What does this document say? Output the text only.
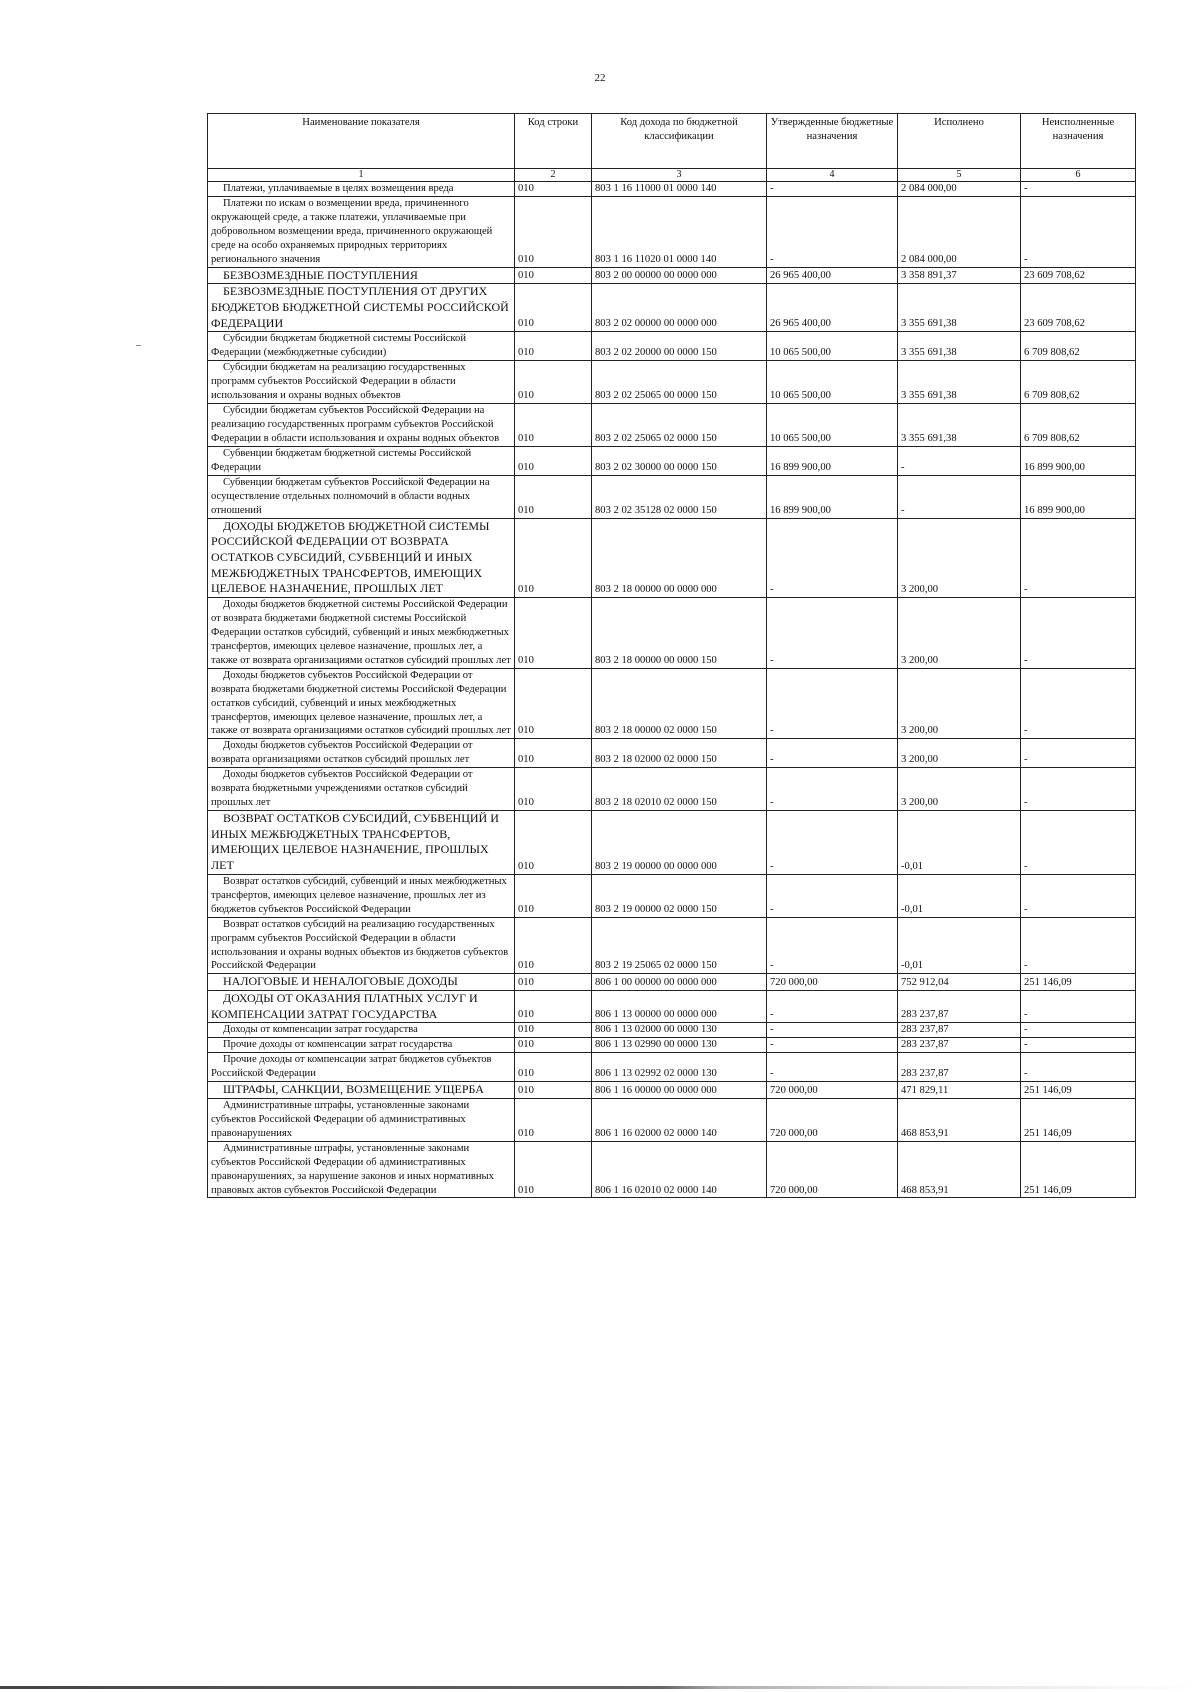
22
Наименование показателя	Код строки	Код дохода по бюджетной классификации	Утвержденные бюджетные назначения	Исполнено	Неисполненные назначения
1	2	3	4	5	6

Платежи, уплачиваемые в целях возмещения вреда	010	803 1 16 11000 01 0000 140	-	2 084 000,00	-

Платежи по искам о возмещении вреда, причиненного окружающей среде, а также платежи, уплачиваемые при добровольном возмещении вреда, причиненного окружающей среде на особо охраняемых природных территориях регионального значения	010	803 1 16 11020 01 0000 140	-	2 084 000,00	-

БЕЗВОЗМЕЗДНЫЕ ПОСТУПЛЕНИЯ	010	803 2 00 00000 00 0000 000	26 965 400,00	3 358 891,37	23 609 708,62

БЕЗВОЗМЕЗДНЫЕ ПОСТУПЛЕНИЯ ОТ ДРУГИХ БЮДЖЕТОВ БЮДЖЕТНОЙ СИСТЕМЫ РОССИЙСКОЙ ФЕДЕРАЦИИ	010	803 2 02 00000 00 0000 000	26 965 400,00	3 355 691,38	23 609 708,62

Субсидии бюджетам бюджетной системы Российской Федерации (межбюджетные субсидии)	010	803 2 02 20000 00 0000 150	10 065 500,00	3 355 691,38	6 709 808,62

Субсидии бюджетам на реализацию государственных программ субъектов Российской Федерации в области использования и охраны водных объектов	010	803 2 02 25065 00 0000 150	10 065 500,00	3 355 691,38	6 709 808,62

Субсидии бюджетам субъектов Российской Федерации на реализацию государственных программ субъектов Российской Федерации в области использования и охраны водных объектов	010	803 2 02 25065 02 0000 150	10 065 500,00	3 355 691,38	6 709 808,62

Субвенции бюджетам бюджетной системы Российской Федерации	010	803 2 02 30000 00 0000 150	16 899 900,00	-	16 899 900,00

Субвенции бюджетам субъектов Российской Федерации на осуществление отдельных полномочий в области водных отношений	010	803 2 02 35128 02 0000 150	16 899 900,00	-	16 899 900,00

ДОХОДЫ БЮДЖЕТОВ БЮДЖЕТНОЙ СИСТЕМЫ РОССИЙСКОЙ ФЕДЕРАЦИИ ОТ ВОЗВРАТА ОСТАТКОВ СУБСИДИЙ, СУБВЕНЦИЙ И ИНЫХ МЕЖБЮДЖЕТНЫХ ТРАНСФЕРТОВ, ИМЕЮЩИХ ЦЕЛЕВОЕ НАЗНАЧЕНИЕ, ПРОШЛЫХ ЛЕТ	010	803 2 18 00000 00 0000 000	-	3 200,00	-

Доходы бюджетов бюджетной системы Российской Федерации от возврата бюджетами бюджетной системы Российской Федерации остатков субсидий, субвенций и иных межбюджетных трансфертов, имеющих целевое назначение, прошлых лет, а также от возврата организациями остатков субсидий прошлых лет	010	803 2 18 00000 00 0000 150	-	3 200,00	-

Доходы бюджетов субъектов Российской Федерации от возврата бюджетами бюджетной системы Российской Федерации остатков субсидий, субвенций и иных межбюджетных трансфертов, имеющих целевое назначение, прошлых лет, а также от возврата организациями остатков субсидий прошлых лет	010	803 2 18 00000 02 0000 150	-	3 200,00	-

Доходы бюджетов субъектов Российской Федерации от возврата организациями остатков субсидий прошлых лет	010	803 2 18 02000 02 0000 150	-	3 200,00	-

Доходы бюджетов субъектов Российской Федерации от возврата бюджетными учреждениями остатков субсидий прошлых лет	010	803 2 18 02010 02 0000 150	-	3 200,00	-

ВОЗВРАТ ОСТАТКОВ СУБСИДИЙ, СУБВЕНЦИЙ И ИНЫХ МЕЖБЮДЖЕТНЫХ ТРАНСФЕРТОВ, ИМЕЮЩИХ ЦЕЛЕВОЕ НАЗНАЧЕНИЕ, ПРОШЛЫХ ЛЕТ	010	803 2 19 00000 00 0000 000	-	-0,01	-

Возврат остатков субсидий, субвенций и иных межбюджетных трансфертов, имеющих целевое назначение, прошлых лет из бюджетов субъектов Российской Федерации	010	803 2 19 00000 02 0000 150	-	-0,01	-

Возврат остатков субсидий на реализацию государственных программ субъектов Российской Федерации в области использования и охраны водных объектов из бюджетов субъектов Российской Федерации	010	803 2 19 25065 02 0000 150	-	-0,01	-

НАЛОГОВЫЕ И НЕНАЛОГОВЫЕ ДОХОДЫ	010	806 1 00 00000 00 0000 000	720 000,00	752 912,04	251 146,09

ДОХОДЫ ОТ ОКАЗАНИЯ ПЛАТНЫХ УСЛУГ И КОМПЕНСАЦИИ ЗАТРАТ ГОСУДАРСТВА	010	806 1 13 00000 00 0000 000	-	283 237,87	-

Доходы от компенсации затрат государства	010	806 1 13 02000 00 0000 130	-	283 237,87	-

Прочие доходы от компенсации затрат государства	010	806 1 13 02990 00 0000 130	-	283 237,87	-

Прочие доходы от компенсации затрат бюджетов субъектов Российской Федерации	010	806 1 13 02992 02 0000 130	-	283 237,87	-

ШТРАФЫ, САНКЦИИ, ВОЗМЕЩЕНИЕ УЩЕРБА	010	806 1 16 00000 00 0000 000	720 000,00	471 829,11	251 146,09

Административные штрафы, установленные законами субъектов Российской Федерации об административных правонарушениях	010	806 1 16 02000 02 0000 140	720 000,00	468 853,91	251 146,09

Административные штрафы, установленные законами субъектов Российской Федерации об административных правонарушениях, за нарушение законов и иных нормативных правовых актов субъектов Российской Федерации	010	806 1 16 02010 02 0000 140	720 000,00	468 853,91	251 146,09
